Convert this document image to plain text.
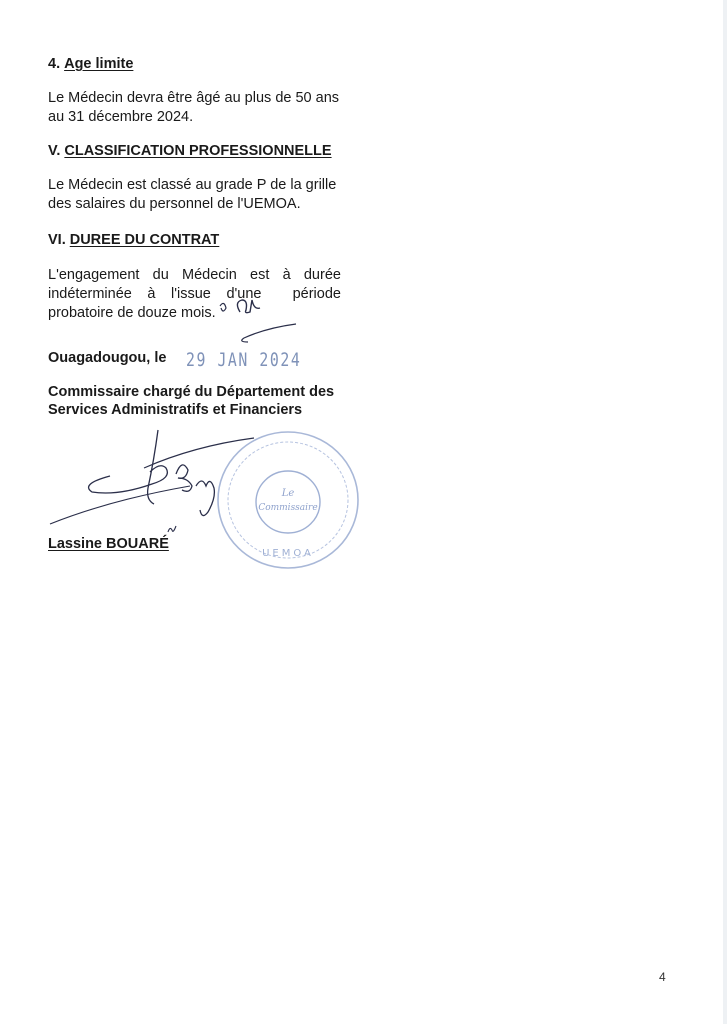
4. Age limite
Le Médecin devra être âgé au plus de 50 ans
au 31 décembre 2024.
V. CLASSIFICATION PROFESSIONNELLE
Le Médecin est classé au grade P de la grille
des salaires du personnel de l'UEMOA.
VI. DUREE DU CONTRAT
L'engagement du Médecin est à durée
indéterminée à l'issue d'une période
probatoire de douze mois.
Ouagadougou, le 29 JAN 2024
Commissaire chargé du Département des
Services Administratifs et Financiers
Le
Commissaire
UEMOA
Lassine BOUARÉ
4
